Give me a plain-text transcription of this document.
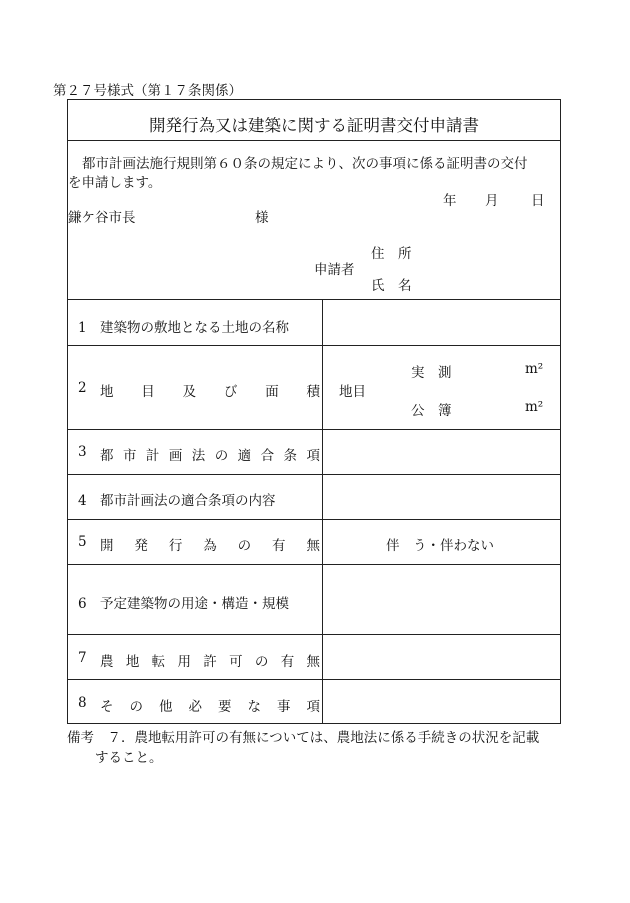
第２７号様式（第１７条関係）
開発行為又は建築に関する証明書交付申請書
都市計画法施行規則第６０条の規定により、次の事項に係る証明書の交付
を申請します。
年 月 日
鎌ケ谷市長	様
申請者
住　所
氏　名
1 建築物の敷地となる土地の名称
2 地 目 及 び 面 積 地目
実　測	m²
公　簿	m²
3 都 市 計 画 法 の 適 合 条 項
4 都市計画法の適合条項の内容
5 開 発 行 為 の 有 無	伴　う・伴わない
6 予定建築物の用途・構造・規模
7 農 地 転 用 許 可 の 有 無
8 そ の 他 必 要 な 事 項
備考　 ７．農地転用許可の有無については、農地法に係る手続きの状況を記載
すること。
